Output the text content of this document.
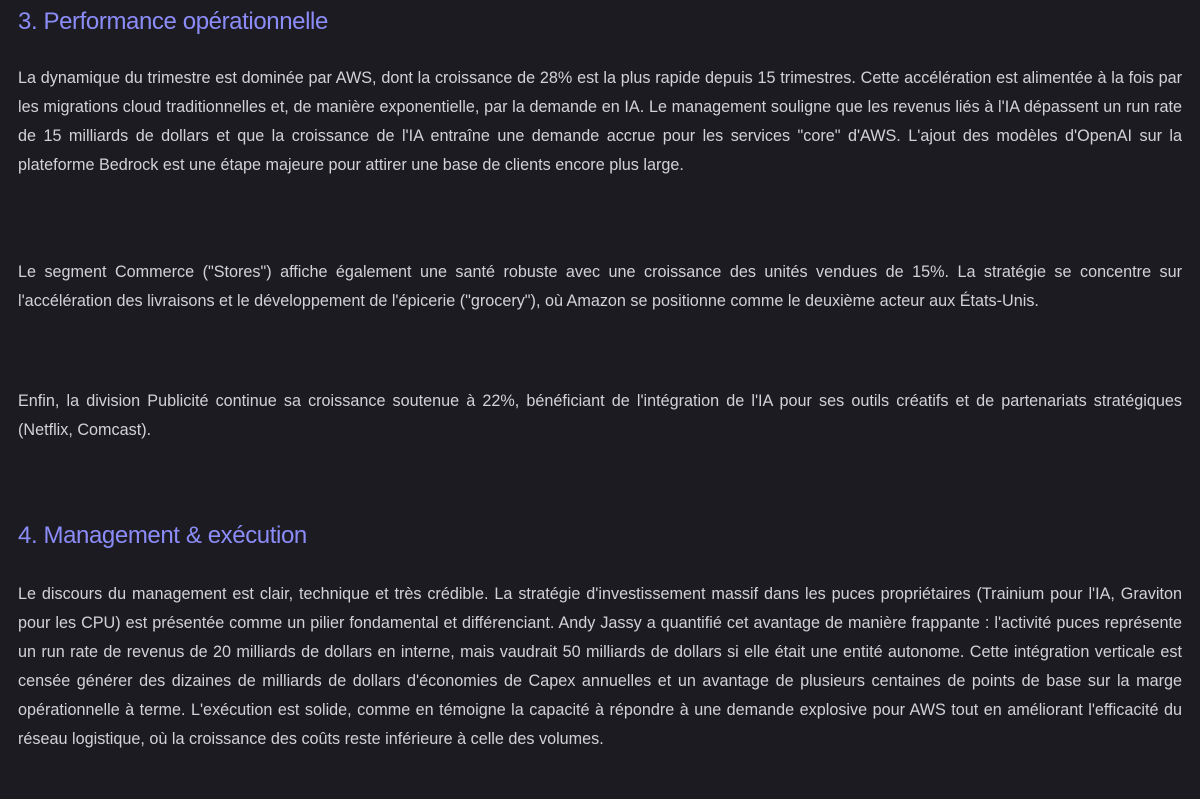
3. Performance opérationnelle

La dynamique du trimestre est dominée par AWS, dont la croissance de 28% est la plus rapide depuis 15 trimestres. Cette accélération est alimentée à la fois par les migrations cloud traditionnelles et, de manière exponentielle, par la demande en IA. Le management souligne que les revenus liés à l'IA dépassent un run rate de 15 milliards de dollars et que la croissance de l'IA entraîne une demande accrue pour les services "core" d'AWS. L'ajout des modèles d'OpenAI sur la plateforme Bedrock est une étape majeure pour attirer une base de clients encore plus large.

Le segment Commerce ("Stores") affiche également une santé robuste avec une croissance des unités vendues de 15%. La stratégie se concentre sur l'accélération des livraisons et le développement de l'épicerie ("grocery"), où Amazon se positionne comme le deuxième acteur aux États-Unis.

Enfin, la division Publicité continue sa croissance soutenue à 22%, bénéficiant de l'intégration de l'IA pour ses outils créatifs et de partenariats stratégiques (Netflix, Comcast).

4. Management & exécution

Le discours du management est clair, technique et très crédible. La stratégie d'investissement massif dans les puces propriétaires (Trainium pour l'IA, Graviton pour les CPU) est présentée comme un pilier fondamental et différenciant. Andy Jassy a quantifié cet avantage de manière frappante : l'activité puces représente un run rate de revenus de 20 milliards de dollars en interne, mais vaudrait 50 milliards de dollars si elle était une entité autonome. Cette intégration verticale est censée générer des dizaines de milliards de dollars d'économies de Capex annuelles et un avantage de plusieurs centaines de points de base sur la marge opérationnelle à terme. L'exécution est solide, comme en témoigne la capacité à répondre à une demande explosive pour AWS tout en améliorant l'efficacité du réseau logistique, où la croissance des coûts reste inférieure à celle des volumes.
